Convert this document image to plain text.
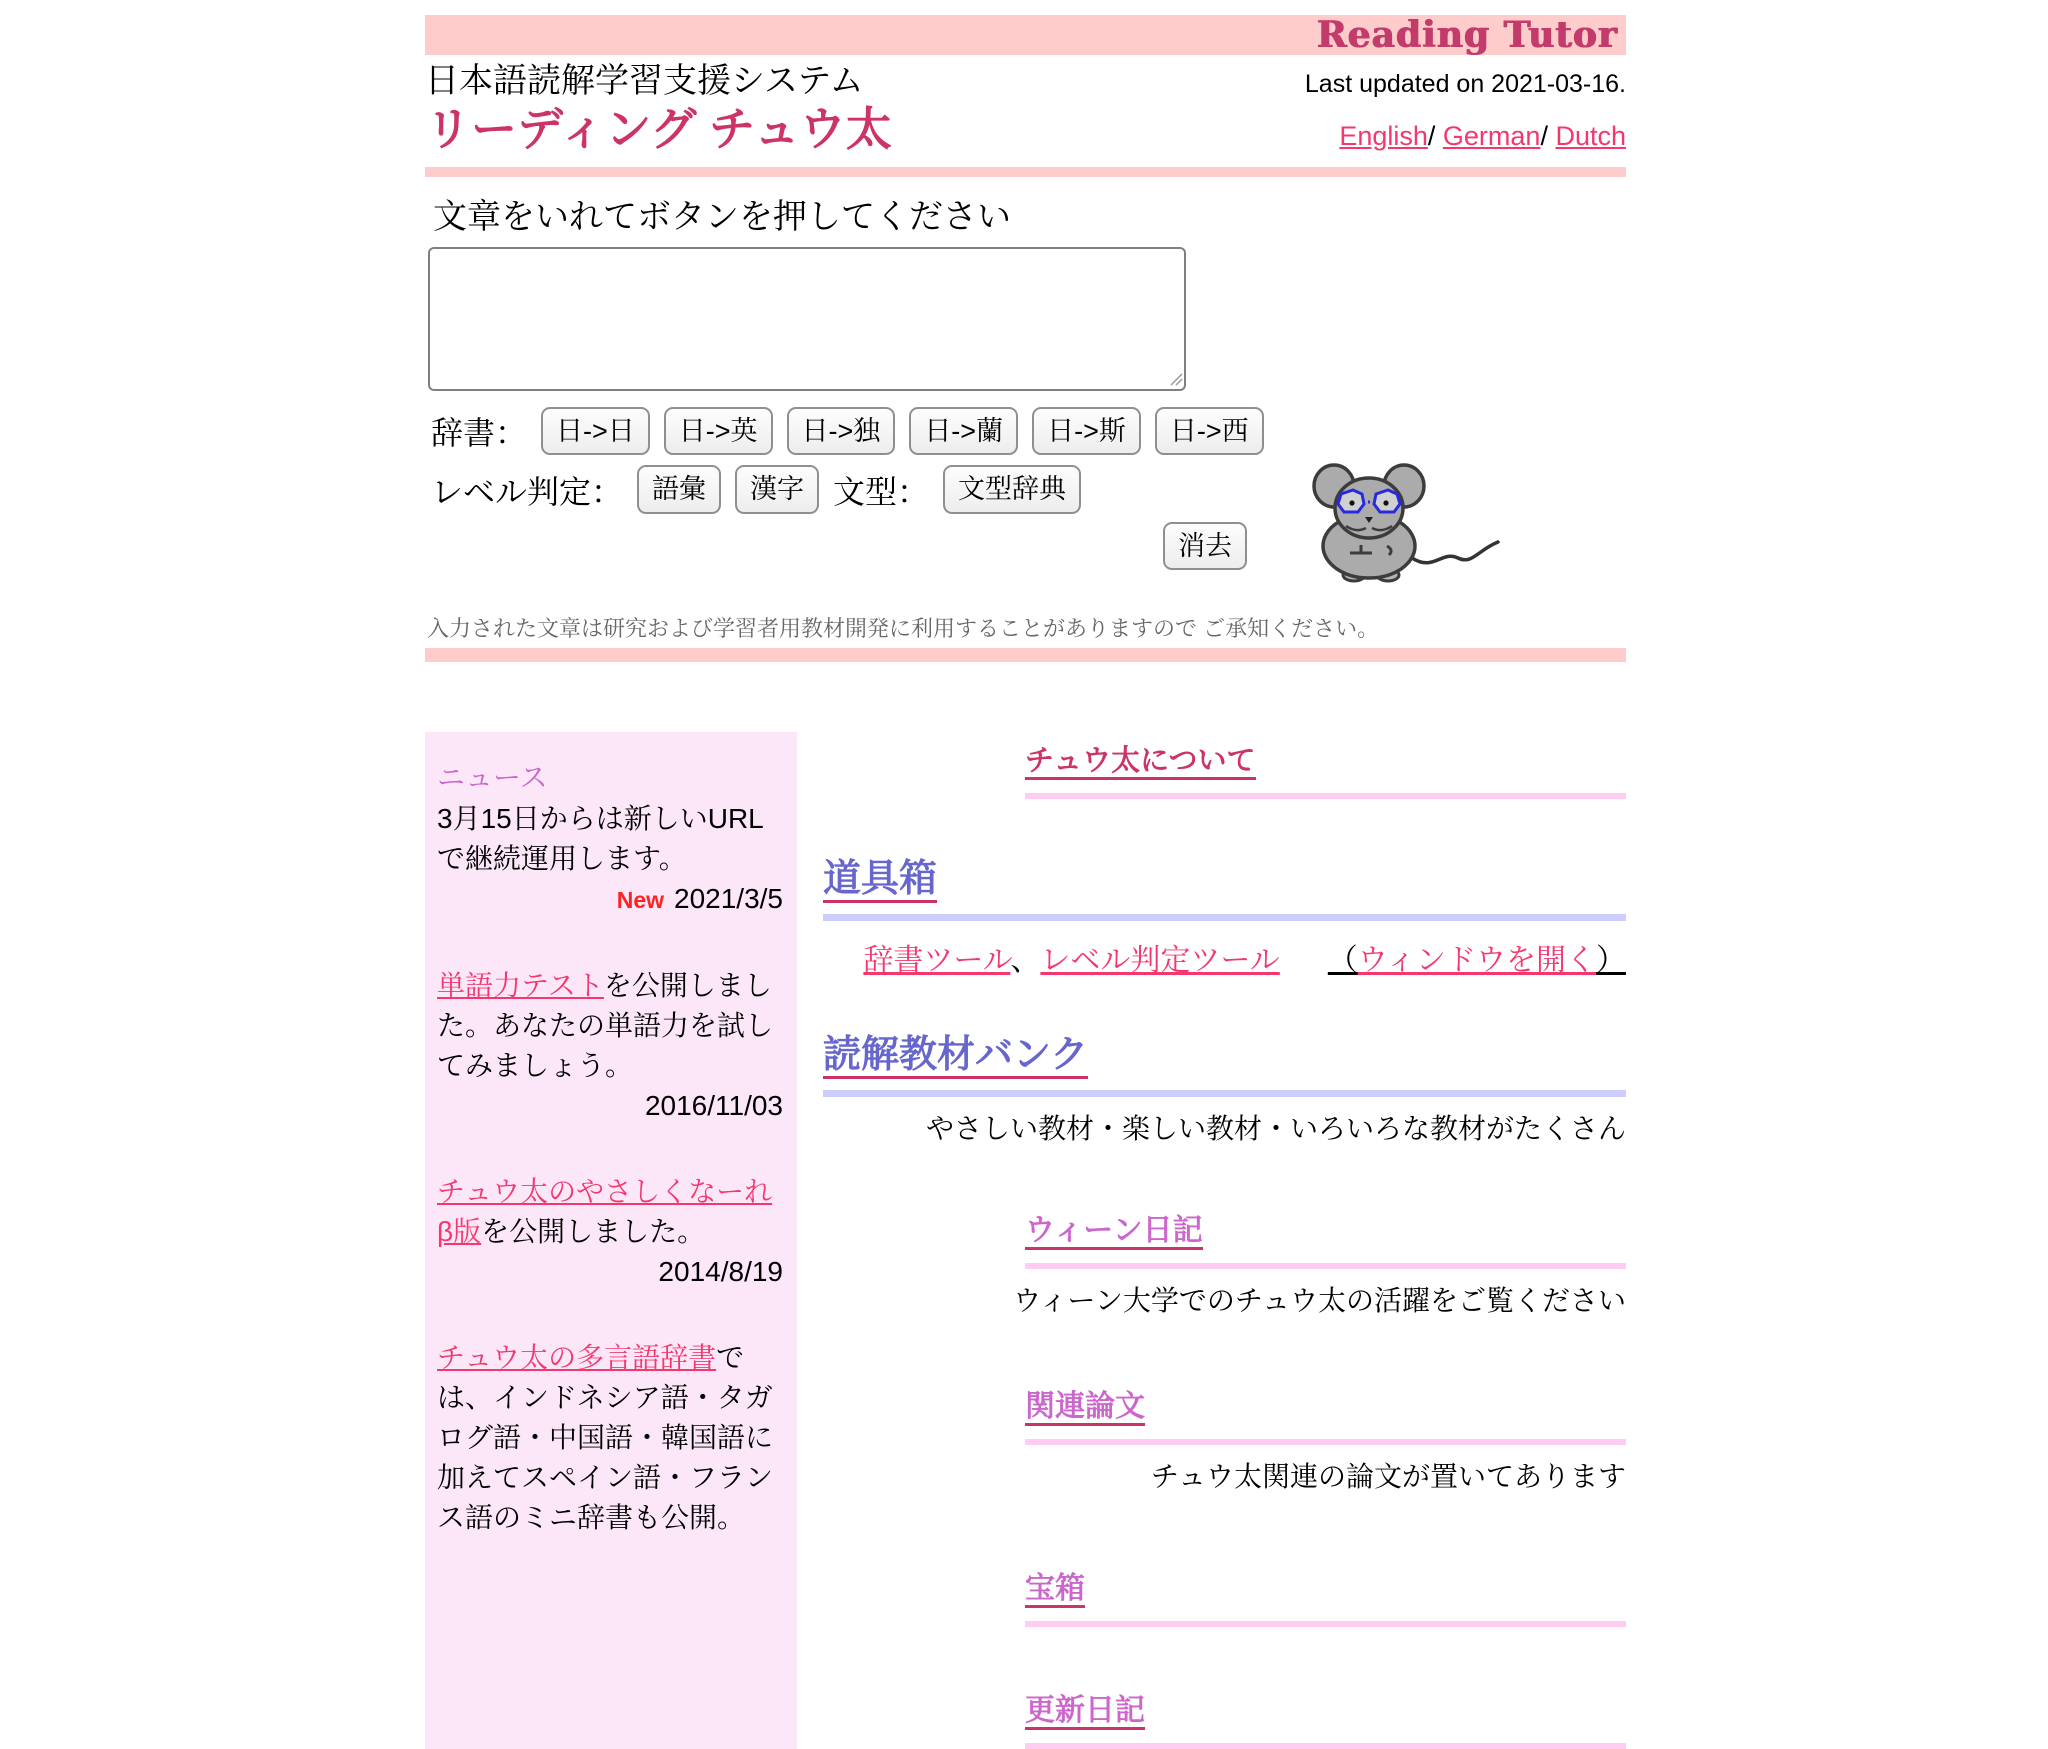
Reading Tutor
日本語読解学習支援システム	Last updated on 2021-03-16.
リーディング チュウ太	English/ German/ Dutch
文章をいれてボタンを押してください
辞書：	日->日	日->英	日->独	日->蘭	日->斯	日->西
レベル判定：	語彙	漢字 文型：	文型辞典
消去
入力された文章は研究および学習者用教材開発に利用することがありますので ご承知ください。
ニュース
3月15日からは新しいURLで継続運用します。
New 2021/3/5
単語力テストを公開しました。あなたの単語力を試してみましょう。
2016/11/03
チュウ太のやさしくなーれβ版を公開しました。
2014/8/19
チュウ太の多言語辞書では、インドネシア語・タガログ語・中国語・韓国語に加えてスペイン語・フランス語のミニ辞書も公開。
チュウ太について
道具箱
辞書ツール、レベル判定ツール （ウィンドウを開く）
読解教材バンク
やさしい教材・楽しい教材・いろいろな教材がたくさん
ウィーン日記
ウィーン大学でのチュウ太の活躍をご覧ください
関連論文
チュウ太関連の論文が置いてあります
宝箱
更新日記
